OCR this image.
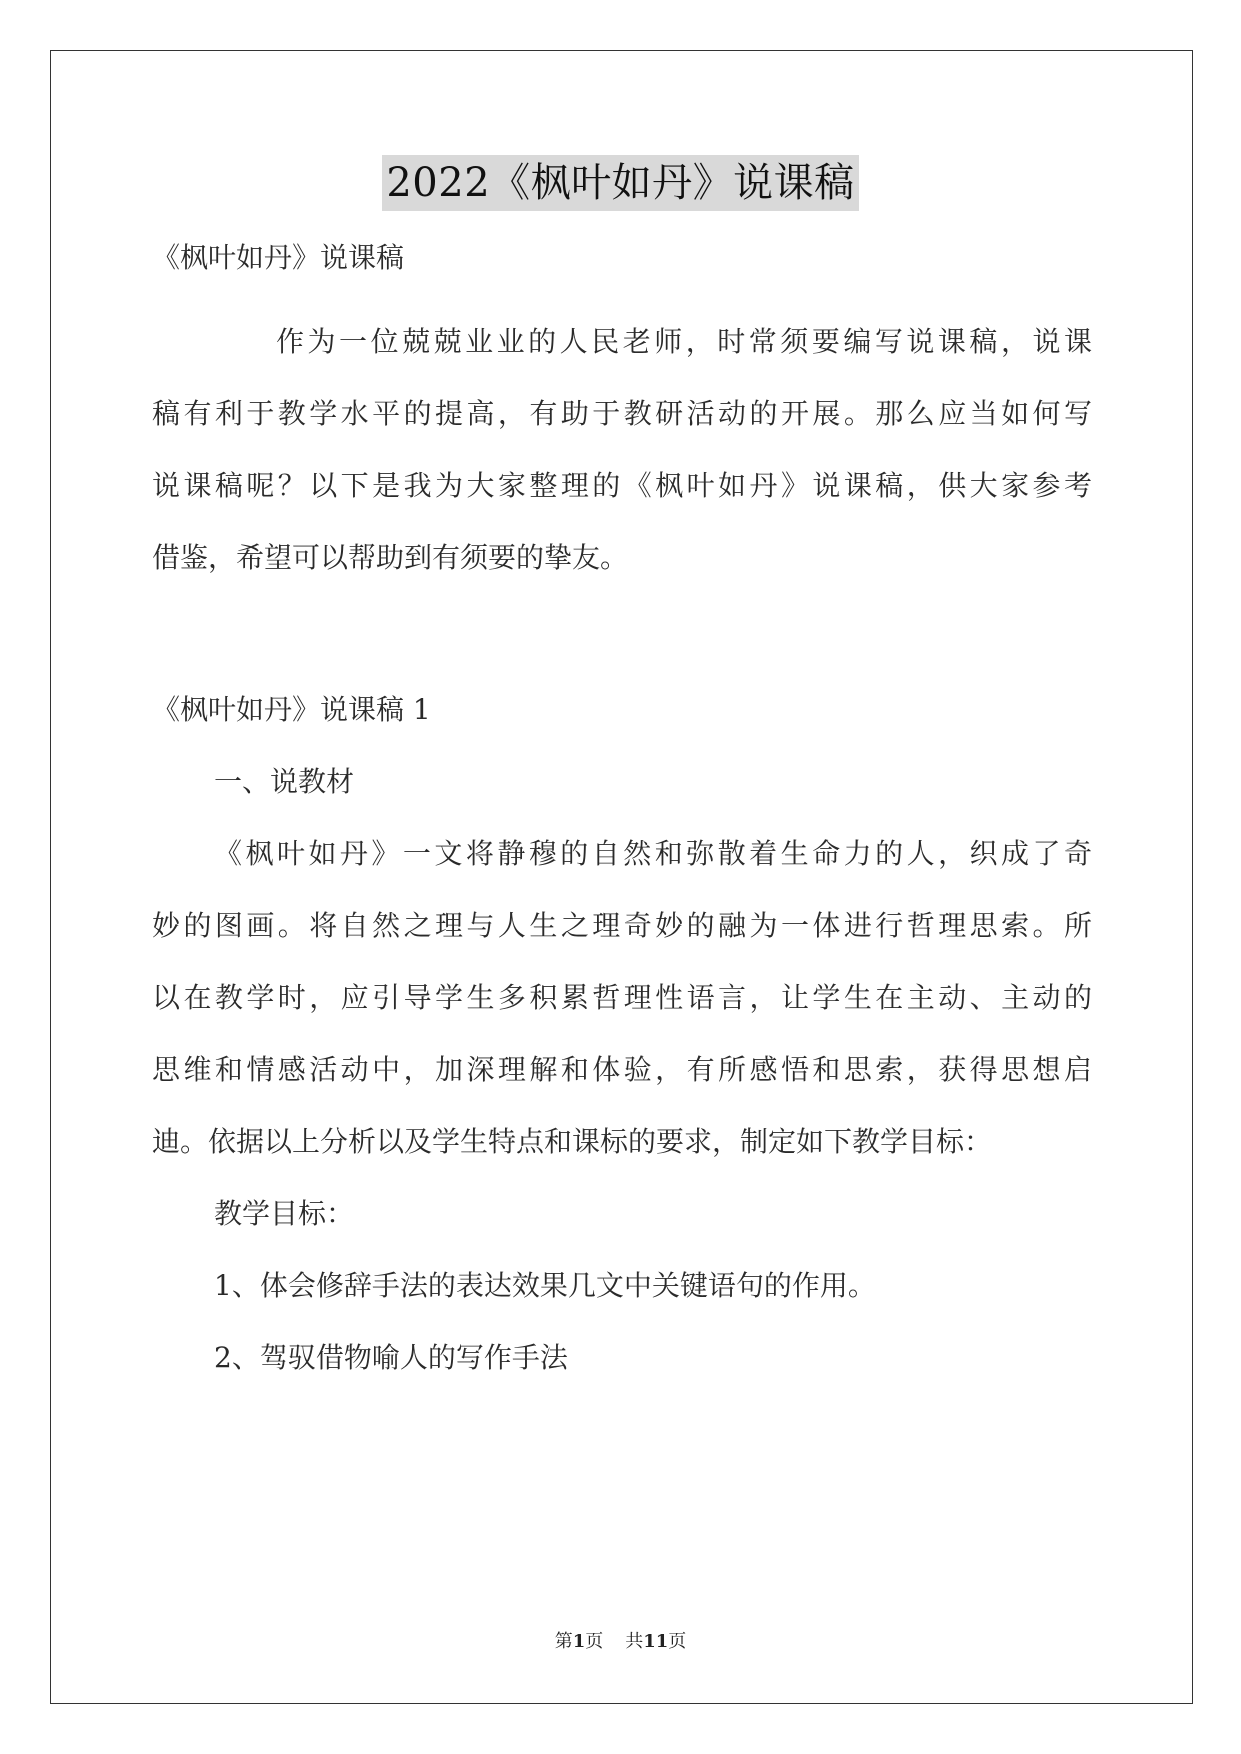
2022《枫叶如丹》说课稿
《枫叶如丹》说课稿
作为一位兢兢业业的人民老师，时常须要编写说课稿，说课
稿有利于教学水平的提高，有助于教研活动的开展。那么应当如何写
说课稿呢？以下是我为大家整理的《枫叶如丹》说课稿，供大家参考
借鉴，希望可以帮助到有须要的挚友。
《枫叶如丹》说课稿 1
一、说教材
《枫叶如丹》一文将静穆的自然和弥散着生命力的人，织成了奇
妙的图画。将自然之理与人生之理奇妙的融为一体进行哲理思索。所
以在教学时，应引导学生多积累哲理性语言，让学生在主动、主动的
思维和情感活动中，加深理解和体验，有所感悟和思索，获得思想启
迪。依据以上分析以及学生特点和课标的要求，制定如下教学目标：
教学目标：
1、体会修辞手法的表达效果几文中关键语句的作用。
2、驾驭借物喻人的写作手法
第1页 共11页
